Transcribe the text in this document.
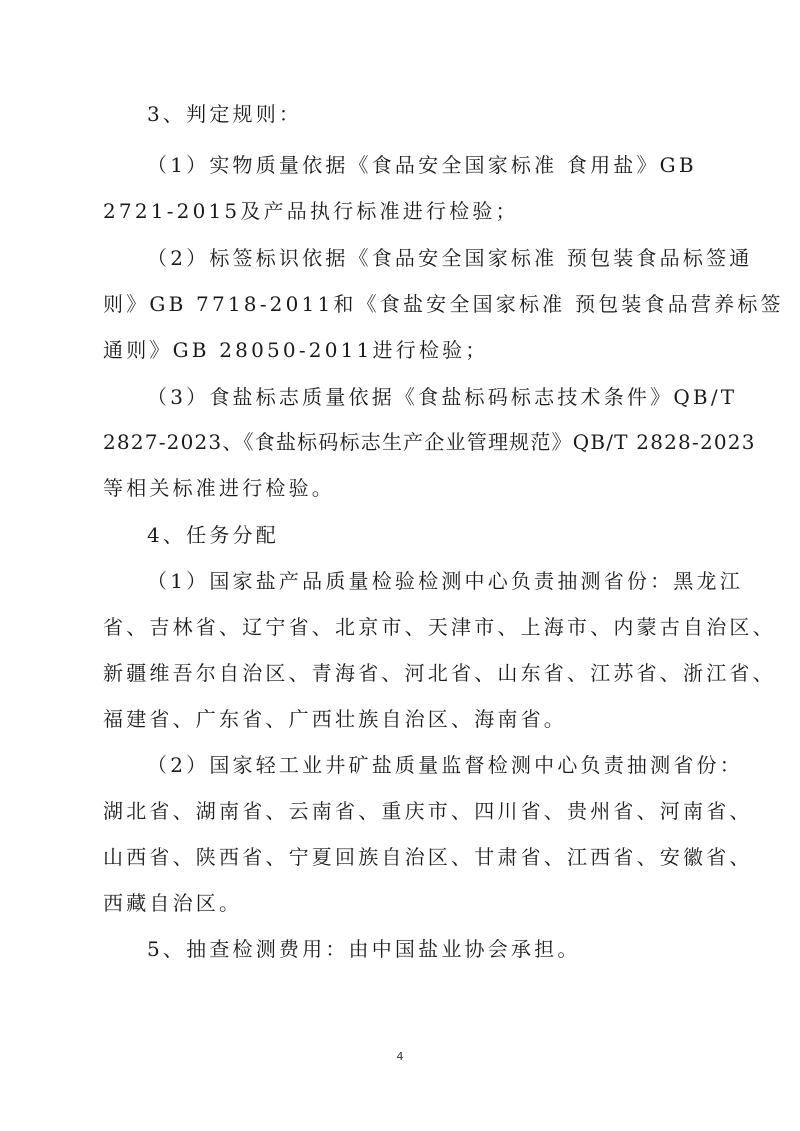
3、判定规则：
（1）实物质量依据《食品安全国家标准 食用盐》GB
2721-2015及产品执行标准进行检验；
（2）标签标识依据《食品安全国家标准 预包装食品标签通
则》GB 7718-2011和《食盐安全国家标准 预包装食品营养标签
通则》GB 28050-2011进行检验；
（3）食盐标志质量依据《食盐标码标志技术条件》QB/T
2827-2023、《食盐标码标志生产企业管理规范》QB/T 2828-2023
等相关标准进行检验。
4、任务分配
（1）国家盐产品质量检验检测中心负责抽测省份：黑龙江
省、吉林省、辽宁省、北京市、天津市、上海市、内蒙古自治区、
新疆维吾尔自治区、青海省、河北省、山东省、江苏省、浙江省、
福建省、广东省、广西壮族自治区、海南省。
（2）国家轻工业井矿盐质量监督检测中心负责抽测省份：
湖北省、湖南省、云南省、重庆市、四川省、贵州省、河南省、
山西省、陕西省、宁夏回族自治区、甘肃省、江西省、安徽省、
西藏自治区。
5、抽查检测费用：由中国盐业协会承担。
4
